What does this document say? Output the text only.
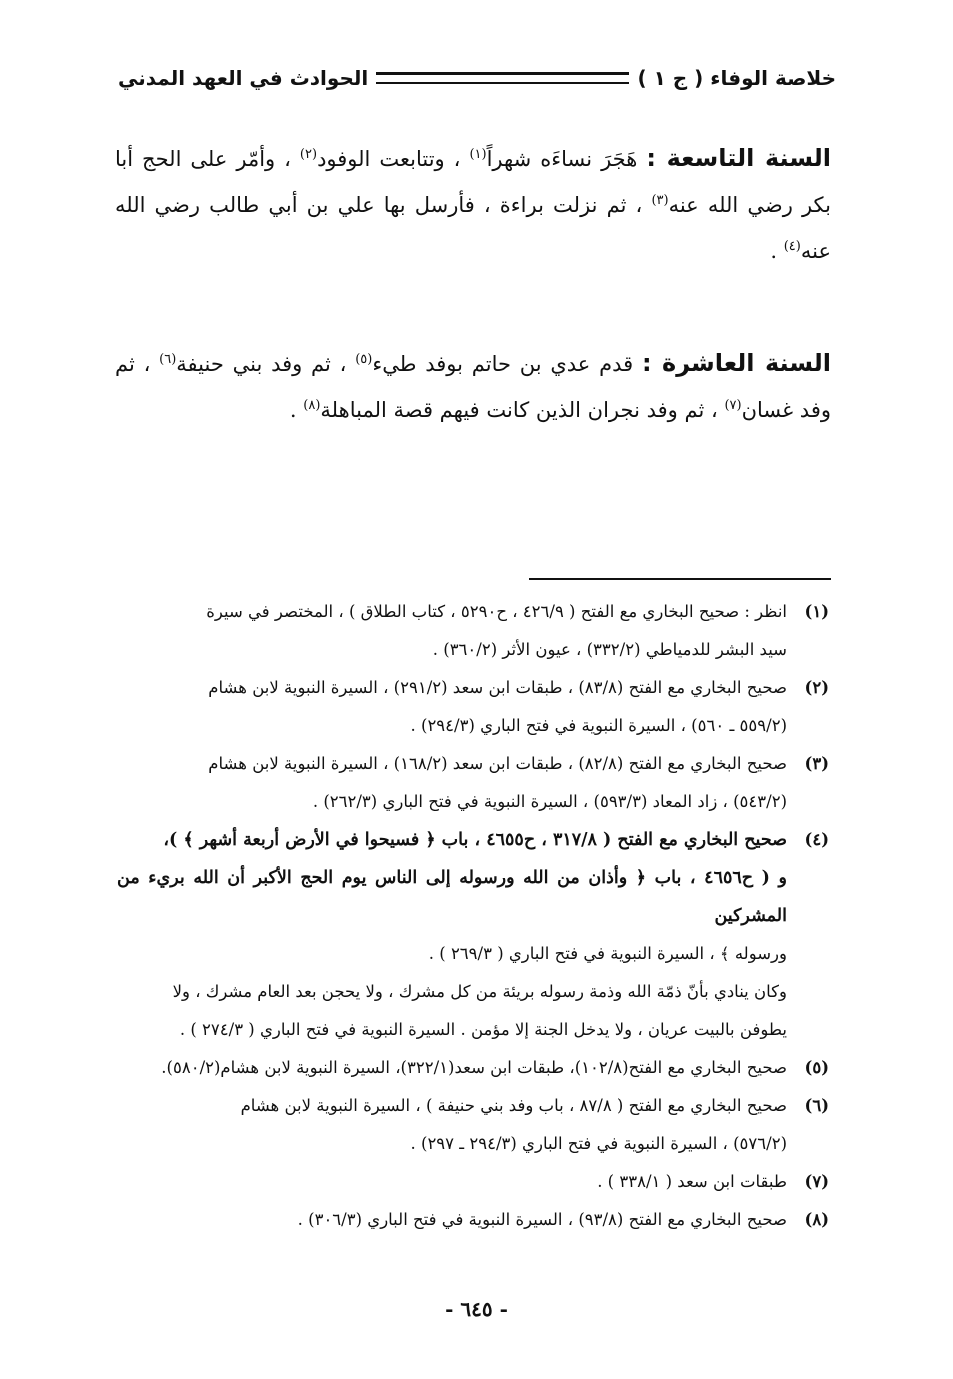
خلاصة الوفاء ( ج ١ )
الحوادث في العهد المدني
السنة التاسعة : هَجَرَ نساءَه شهراً$^{(١)}$ ، وتتابعت الوفود$^{(٢)}$ ، وأمّر على الحج أبا بكر رضي الله عنه$^{(٣)}$ ، ثم نزلت براءة ، فأرسل بها علي بن أبي طالب رضي الله عنه$^{(٤)}$ .
السنة العاشرة : قدم عدي بن حاتم بوفد طيء$^{(٥)}$ ، ثم وفد بني حنيفة$^{(٦)}$ ، ثم وفد غسان$^{(٧)}$ ، ثم وفد نجران الذين كانت فيهم قصة المباهلة$^{(٨)}$ .
(١)
انظر : صحيح البخاري مع الفتح ( ٤٢٦/٩ ، ح٥٢٩٠ ، كتاب الطلاق ) ، المختصر في سيرة
سيد البشر للدمياطي (٣٣٢/٢) ، عيون الأثر (٣٦٠/٢) .
(٢)
صحيح البخاري مع الفتح (٨٣/٨) ، طبقات ابن سعد (٢٩١/٢) ، السيرة النبوية لابن هشام
(٥٥٩/٢ ـ ٥٦٠) ، السيرة النبوية في فتح الباري (٢٩٤/٣) .
(٣)
صحيح البخاري مع الفتح (٨٢/٨) ، طبقات ابن سعد (١٦٨/٢) ، السيرة النبوية لابن هشام
(٥٤٣/٢) ، زاد المعاد (٥٩٣/٣) ، السيرة النبوية في فتح الباري (٢٦٢/٣) .
(٤)
صحيح البخاري مع الفتح ( ٣١٧/٨ ، ح٤٦٥٥ ، باب ﴿ فسيحوا في الأرض أربعة أشهر ﴾ )،
و ( ح٤٦٥٦ ، باب ﴿ وأذان من الله ورسوله إلى الناس يوم الحج الأكبر أن الله بريء من المشركين
ورسوله ﴾ ، السيرة النبوية في فتح الباري ( ٢٦٩/٣ ) .
وكان ينادي بأنّ ذمّة الله وذمة رسوله بريئة من كل مشرك ، ولا يحجن بعد العام مشرك ، ولا
يطوفن بالبيت عريان ، ولا يدخل الجنة إلا مؤمن . السيرة النبوية في فتح الباري ( ٢٧٤/٣ ) .
(٥)
صحيح البخاري مع الفتح(١٠٢/٨)، طبقات ابن سعد(٣٢٢/١)، السيرة النبوية لابن هشام(٥٨٠/٢).
(٦)
صحيح البخاري مع الفتح ( ٨٧/٨ ، باب وفد بني حنيفة ) ، السيرة النبوية لابن هشام
(٥٧٦/٢) ، السيرة النبوية في فتح الباري (٢٩٤/٣ ـ ٢٩٧) .
(٧)
طبقات ابن سعد ( ٣٣٨/١ ) .
(٨)
صحيح البخاري مع الفتح (٩٣/٨) ، السيرة النبوية في فتح الباري (٣٠٦/٣) .
- ٦٤٥ -
